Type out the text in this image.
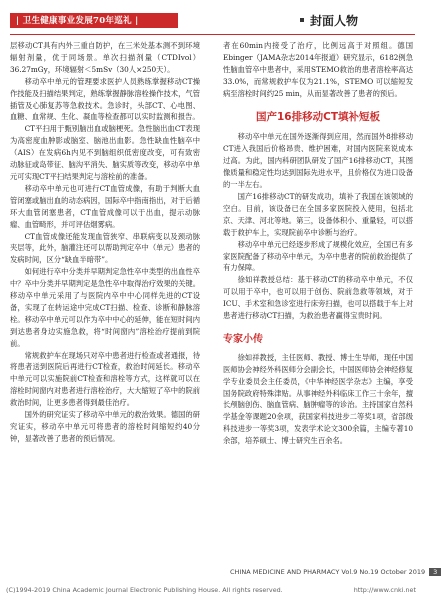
| 卫生健康事业发展70年巡礼 |	封面人物

层移动CT具有内外三重自防护，在三米处基本测不到环境辐射剂量，优于同场景。单次扫描剂量（CTDIvol）36.27mGy，环境辐射＜5mSv（30人×250天）。

移动卒中单元的管理要求医护人员熟练掌握移动CT操作技能及扫描结果判定，熟练掌握静脉溶栓操作技术，气管插管及心肺复苏等急救技术。急诊时，头部CT、心电图、血糖、血常规、生化、凝血等检查都可以实时监测和报告。

CT平扫用于甄别脑出血或脑梗死。急性脑出血CT表现为高密度血肿影或脑室、脑池出血影。急性缺血性脑卒中（AIS）在发病6h内见不到脑组织低密度改变，可有致密动脉征或岛带征、脑沟平消失、脑实质等改变，移动卒中单元可实现CT平扫结果判定与溶栓前的准备。

移动卒中单元也可进行CT血管成像，有助于判断大血管闭塞或脑出血的动态病因，国际卒中指南指出，对于后循环大血管闭塞患者，CT血管成像可以于出血，提示动脉瘤、血管畸形，并可评估烟雾病。

CT血管成像还能发现血管狭窄、串联病变以及颈动脉夹层等，此外，脑灌注还可以帮助判定卒中（单元）患者的发病时间，区分“缺血半暗带”。

如何进行卒中分类并早期判定急性卒中类型的出血性卒中？卒中分类并早期判定是急性卒中取得治疗效果的关键。移动卒中单元采用了与医院内卒中中心同样先进的CT设备，实现了在转运途中完成CT扫描、检查、诊断和静脉溶栓。移动卒中单元可以作为卒中中心的延伸，能在短时间内到达患者身边实施急救，将“时间窗内”溶栓治疗提前到院前。

常规救护车在现场只对卒中患者进行检查或者通报，待将患者送到医院后再进行CT检查，救治时间延长。移动卒中单元可以实施院前CT检查和溶栓等方式，这样就可以在溶栓时间窗内对患者进行溶栓治疗，大大缩短了卒中的院前救治时间，让更多患者得到最佳治疗。

国外的研究证实了移动卒中单元的救治效果。德国的研究证实，移动卒中单元可将患者的溶栓时间缩短约40分钟，显著改善了患者的预后情况。

者在60min内接受了治疗，比例远高于对照组。德国Ebinger（JAMA杂志2014年报道）研究显示，6182例急性脑血管卒中患者中，采用STEMO救治的患者溶栓率高达33.0%，而常规救护车仅为21.1%，STEMO 可以缩短发病至溶栓时间约25 min，从而显著改善了患者的预后。

国产16排移动CT填补短板

移动卒中单元在国外逐渐得到应用，然而国外8排移动CT进入我国后价格昂贵、维护困难，对国内医院来说成本过高。为此，国内科研团队研发了国产16排移动CT，其图像质量和稳定性均达到国际先进水平，且价格仅为进口设备的一半左右。

国产16排移动CT的研发成功，填补了我国在该领域的空白。目前，该设备已在全国多家医院投入使用，包括北京、天津、河北等地。第三，设备体积小、重量轻，可以搭载于救护车上，实现院前卒中诊断与治疗。

移动卒中单元已经逐步形成了规模化效应，全国已有多家医院配备了移动卒中单元，为卒中患者的院前救治提供了有力保障。

徐如祥教授总结：基于移动CT的移动卒中单元，不仅可以用于卒中，也可以用于创伤、院前急救等领域，对于ICU、手术室和急诊室进行床旁扫描，也可以搭载于车上对患者进行移动CT扫描，为救治患者赢得宝贵时间。

专家小传

徐如祥教授，主任医师、教授、博士生导师，现任中国医师协会神经外科医师分会副会长，中国医师协会神经修复学专业委员会主任委员，《中华神经医学杂志》主编，享受国务院政府特殊津贴。从事神经外科临床工作三十余年，擅长颅脑创伤、脑血管病、脑肿瘤等的诊治。主持国家自然科学基金等课题20余项，获国家科技进步二等奖1项，省部级科技进步一等奖3项，发表学术论文300余篇，主编专著10余部，培养硕士、博士研究生百余名。

CHINA MEDICINE AND PHARMACY Vol.9 No.19 October 2019 3
(C)1994-2019 China Academic Journal Electronic Publishing House. All rights reserved.	http://www.cnki.net
